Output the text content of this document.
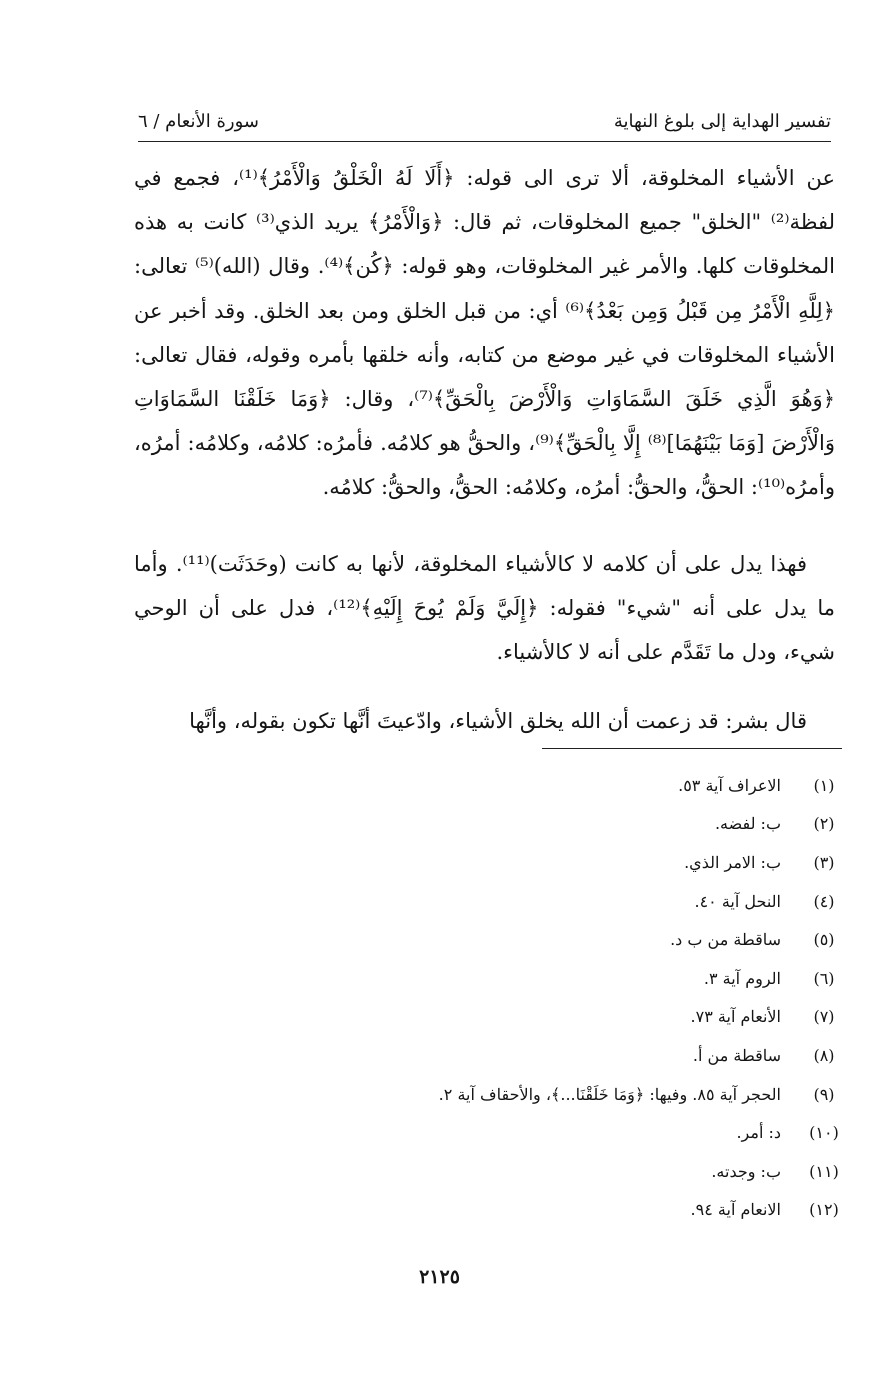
تفسير الهداية إلى بلوغ النهاية
سورة الأنعام / ٦

عن الأشياء المخلوقة، ألا ترى الى قوله: ﴿أَلَا لَهُ الْخَلْقُ وَالْأَمْرُ﴾⁽¹⁾، فجمع في لفظة⁽²⁾ "الخلق" جميع المخلوقات، ثم قال: ﴿وَالْأَمْرُ﴾ يريد الذي⁽³⁾ كانت به هذه المخلوقات كلها. والأمر غير المخلوقات، وهو قوله: ﴿كُن﴾⁽⁴⁾. وقال (الله)⁽⁵⁾ تعالى: ﴿لِلَّهِ الْأَمْرُ مِن قَبْلُ وَمِن بَعْدُ﴾⁽⁶⁾ أي: من قبل الخلق ومن بعد الخلق. وقد أخبر عن الأشياء المخلوقات في غير موضع من كتابه، وأنه خلقها بأمره وقوله، فقال تعالى: ﴿وَهُوَ الَّذِي خَلَقَ السَّمَاوَاتِ وَالْأَرْضَ بِالْحَقِّ﴾⁽⁷⁾، وقال: ﴿وَمَا خَلَقْنَا السَّمَاوَاتِ وَالْأَرْضَ [وَمَا بَيْنَهُمَا]⁽⁸⁾ إِلَّا بِالْحَقِّ﴾⁽⁹⁾، والحقُّ هو كلامُه. فأمرُه: كلامُه، وكلامُه: أمرُه، وأمرُه⁽¹⁰⁾: الحقُّ، والحقُّ: أمرُه، وكلامُه: الحقُّ، والحقُّ: كلامُه.

فهذا يدل على أن كلامه لا كالأشياء المخلوقة، لأنها به كانت (وحَدَثَت)⁽¹¹⁾. وأما ما يدل على أنه "شيء" فقوله: ﴿إِلَيَّ وَلَمْ يُوحَ إِلَيْهِ﴾⁽¹²⁾، فدل على أن الوحي شيء، ودل ما تَقَدَّم على أنه لا كالأشياء.

قال بشر: قد زعمت أن الله يخلق الأشياء، وادّعيتَ أنَّها تكون بقوله، وأنَّها

(١)
الاعراف آية ٥٣.
(٢)
ب: لفضه.
(٣)
ب: الامر الذي.
(٤)
النحل آية ٤٠.
(٥)
ساقطة من ب د.
(٦)
الروم آية ٣.
(٧)
الأنعام آية ٧٣.
(٨)
ساقطة من أ.
(٩)
الحجر آية ٨٥. وفيها: ﴿وَمَا خَلَقْنَا...﴾، والأحقاف آية ٢.
(١٠)
د: أمر.
(١١)
ب: وجدته.
(١٢)
الانعام آية ٩٤.
٢١٢٥
